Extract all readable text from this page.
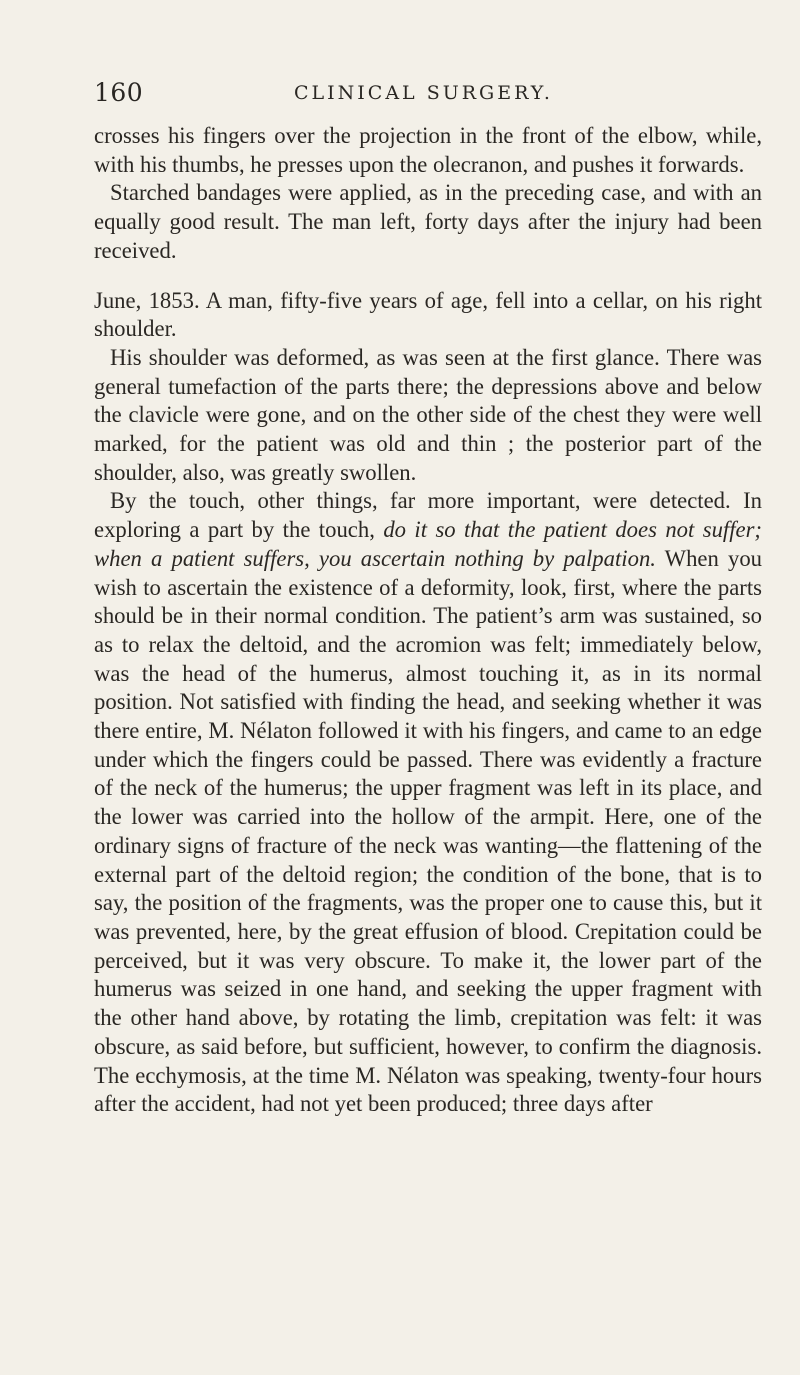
160	CLINICAL SURGERY.

crosses his fingers over the projection in the front of the elbow, while, with his thumbs, he presses upon the olecranon, and pushes it forwards.

Starched bandages were applied, as in the preceding case, and with an equally good result. The man left, forty days after the injury had been received.

June, 1853. A man, fifty-five years of age, fell into a cellar, on his right shoulder.

His shoulder was deformed, as was seen at the first glance. There was general tumefaction of the parts there; the depressions above and below the clavicle were gone, and on the other side of the chest they were well marked, for the patient was old and thin ; the posterior part of the shoulder, also, was greatly swollen.

By the touch, other things, far more important, were detected. In exploring a part by the touch, do it so that the patient does not suffer; when a patient suffers, you ascertain nothing by palpation. When you wish to ascertain the existence of a deformity, look, first, where the parts should be in their normal condition. The patient’s arm was sustained, so as to relax the deltoid, and the acromion was felt; immediately below, was the head of the humerus, almost touching it, as in its normal position. Not satisfied with finding the head, and seeking whether it was there entire, M. Nélaton followed it with his fingers, and came to an edge under which the fingers could be passed. There was evidently a fracture of the neck of the humerus; the upper fragment was left in its place, and the lower was carried into the hollow of the armpit. Here, one of the ordinary signs of fracture of the neck was wanting—the flattening of the external part of the deltoid region; the condition of the bone, that is to say, the position of the fragments, was the proper one to cause this, but it was prevented, here, by the great effusion of blood. Crepitation could be perceived, but it was very obscure. To make it, the lower part of the humerus was seized in one hand, and seeking the upper fragment with the other hand above, by rotating the limb, crepitation was felt: it was obscure, as said before, but sufficient, however, to confirm the diagnosis. The ecchymosis, at the time M. Nélaton was speaking, twenty-four hours after the accident, had not yet been produced; three days after
